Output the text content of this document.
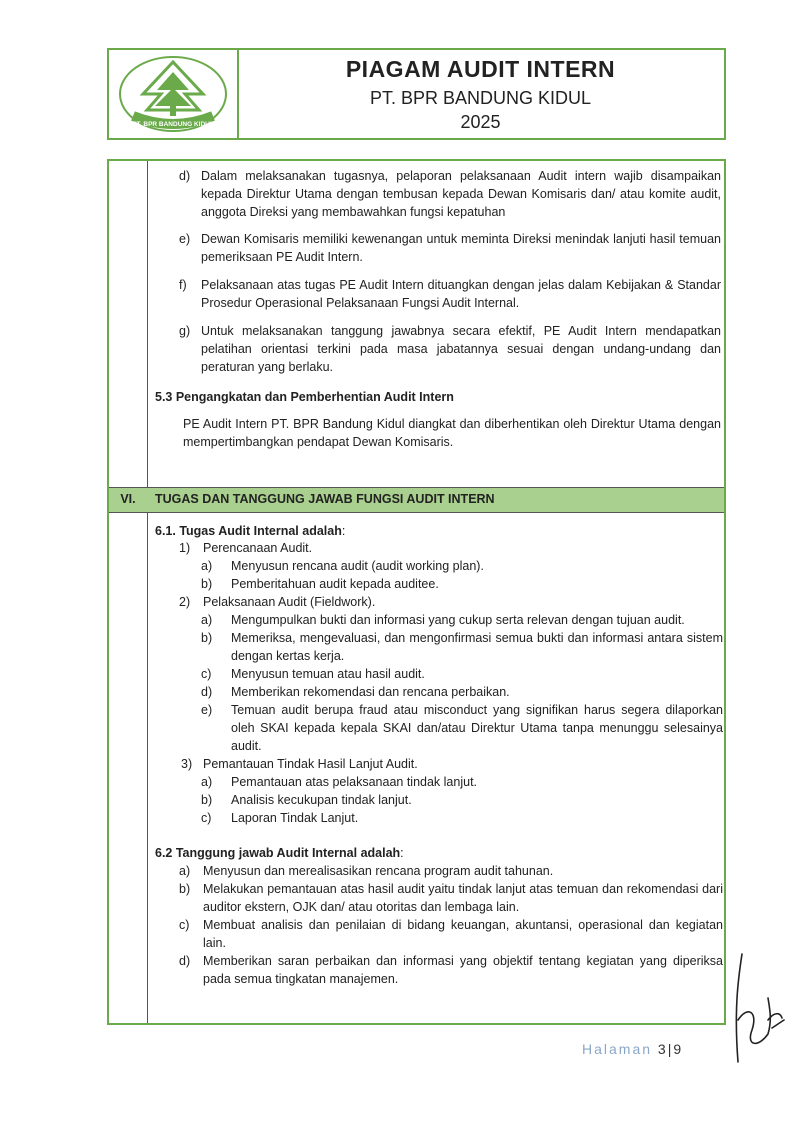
PT. BPR BANDUNG KIDUL
PIAGAM AUDIT INTERN
PT. BPR BANDUNG KIDUL
2025
d) Dalam melaksanakan tugasnya, pelaporan pelaksanaan Audit intern wajib disampaikan kepada Direktur Utama dengan tembusan kepada Dewan Komisaris dan/ atau komite audit, anggota Direksi yang membawahkan fungsi kepatuhan
e) Dewan Komisaris memiliki kewenangan untuk meminta Direksi menindak lanjuti hasil temuan pemeriksaan PE Audit Intern.
f) Pelaksanaan atas tugas PE Audit Intern dituangkan dengan jelas dalam Kebijakan & Standar Prosedur Operasional Pelaksanaan Fungsi Audit Internal.
g) Untuk melaksanakan tanggung jawabnya secara efektif, PE Audit Intern mendapatkan pelatihan orientasi terkini pada masa jabatannya sesuai dengan undang-undang dan peraturan yang berlaku.
5.3 Pengangkatan dan Pemberhentian Audit Intern
PE Audit Intern PT. BPR Bandung Kidul diangkat dan diberhentikan oleh Direktur Utama dengan mempertimbangkan pendapat Dewan Komisaris.
VI.	TUGAS DAN TANGGUNG JAWAB FUNGSI AUDIT INTERN
6.1. Tugas Audit Internal adalah:
1) Perencanaan Audit.
a) Menyusun rencana audit (audit working plan).
b) Pemberitahuan audit kepada auditee.
2) Pelaksanaan Audit (Fieldwork).
a) Mengumpulkan bukti dan informasi yang cukup serta relevan dengan tujuan audit.
b) Memeriksa, mengevaluasi, dan mengonfirmasi semua bukti dan informasi antara sistem dengan kertas kerja.
c) Menyusun temuan atau hasil audit.
d) Memberikan rekomendasi dan rencana perbaikan.
e) Temuan audit berupa fraud atau misconduct yang signifikan harus segera dilaporkan oleh SKAI kepada kepala SKAI dan/atau Direktur Utama tanpa menunggu selesainya audit.
3) Pemantauan Tindak Hasil Lanjut Audit.
a) Pemantauan atas pelaksanaan tindak lanjut.
b) Analisis kecukupan tindak lanjut.
c) Laporan Tindak Lanjut.
6.2 Tanggung jawab Audit Internal adalah:
a) Menyusun dan merealisasikan rencana program audit tahunan.
b) Melakukan pemantauan atas hasil audit yaitu tindak lanjut atas temuan dan rekomendasi dari auditor ekstern, OJK dan/ atau otoritas dan lembaga lain.
c) Membuat analisis dan penilaian di bidang keuangan, akuntansi, operasional dan kegiatan lain.
d) Memberikan saran perbaikan dan informasi yang objektif tentang kegiatan yang diperiksa pada semua tingkatan manajemen.
Halaman 3|9
